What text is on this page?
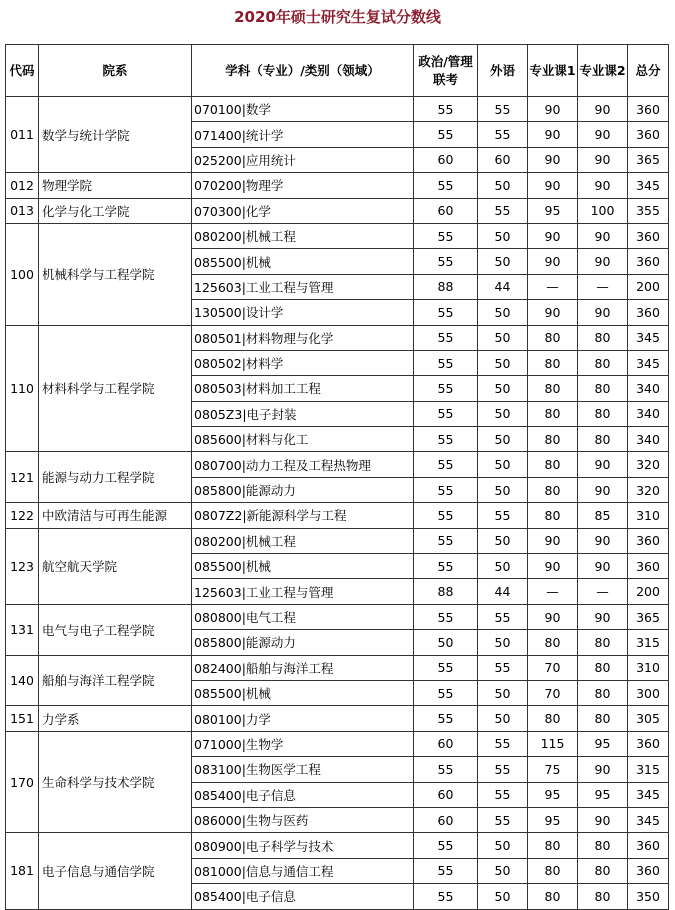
2020年硕士研究生复试分数线
代码	院系	学科（专业）/类别（领域）	政治/管理联考	外语	专业课1	专业课2	总分
011	数学与统计学院	070100|数学	55	55	90	90	360
		071400|统计学	55	55	90	90	360
		025200|应用统计	60	60	90	90	365
012	物理学院	070200|物理学	55	50	90	90	345
013	化学与化工学院	070300|化学	60	55	95	100	355
100	机械科学与工程学院	080200|机械工程	55	50	90	90	360
		085500|机械	55	50	90	90	360
		125603|工业工程与管理	88	44	—	—	200
		130500|设计学	55	50	90	90	360
110	材料科学与工程学院	080501|材料物理与化学	55	50	80	80	345
		080502|材料学	55	50	80	80	345
		080503|材料加工工程	55	50	80	80	340
		0805Z3|电子封装	55	50	80	80	340
		085600|材料与化工	55	50	80	80	340
121	能源与动力工程学院	080700|动力工程及工程热物理	55	50	80	90	320
		085800|能源动力	55	50	80	90	320
122	中欧清洁与可再生能源	0807Z2|新能源科学与工程	55	55	80	85	310
123	航空航天学院	080200|机械工程	55	50	90	90	360
		085500|机械	55	50	90	90	360
		125603|工业工程与管理	88	44	—	—	200
131	电气与电子工程学院	080800|电气工程	55	55	90	90	365
		085800|能源动力	50	50	80	80	315
140	船舶与海洋工程学院	082400|船舶与海洋工程	55	55	70	80	310
		085500|机械	55	50	70	80	300
151	力学系	080100|力学	55	50	80	80	305
170	生命科学与技术学院	071000|生物学	60	55	115	95	360
		083100|生物医学工程	55	55	75	90	315
		085400|电子信息	60	55	95	95	345
		086000|生物与医药	60	55	95	90	345
181	电子信息与通信学院	080900|电子科学与技术	55	50	80	80	360
		081000|信息与通信工程	55	50	80	80	360
		085400|电子信息	55	50	80	80	350
